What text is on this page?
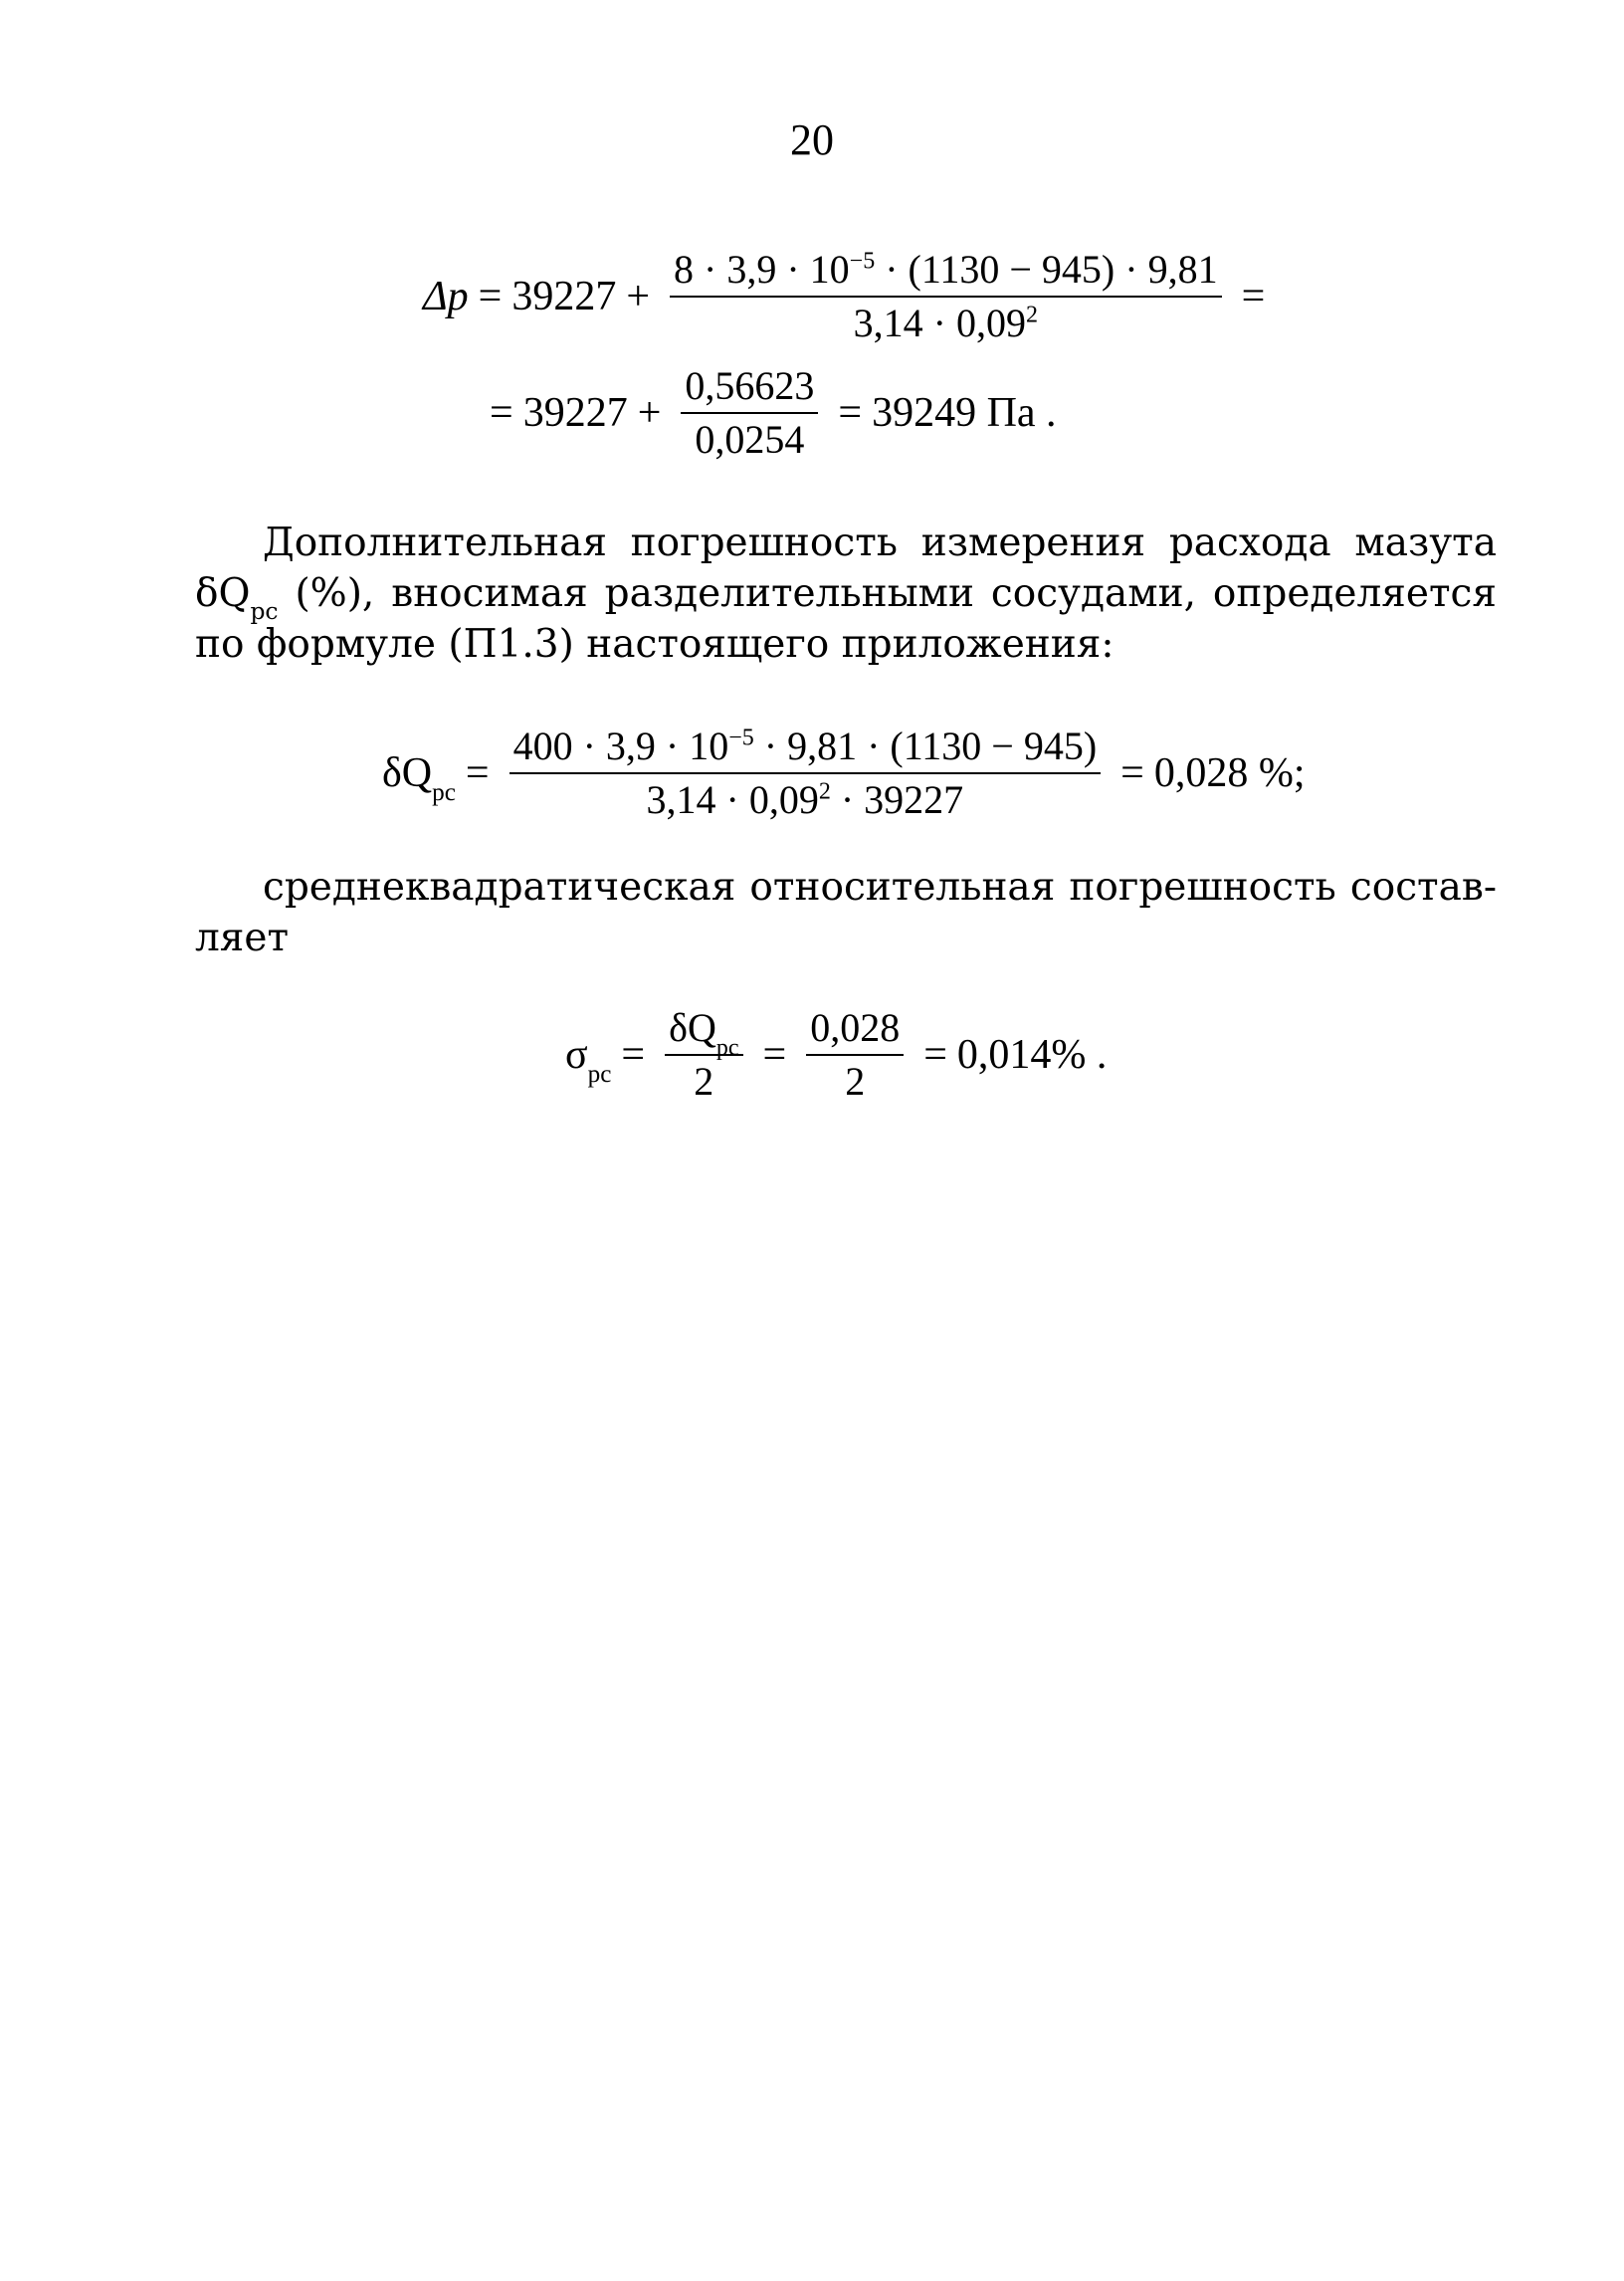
20
$\Delta p = 39227 + \frac{8 \cdot 3,9 \cdot 10^{-5} \cdot (1130 - 945) \cdot 9,81}{3,14 \cdot 0,09^2}$ =
= $39227 + \frac{0,56623}{0,0254} = 39249$ Па .
Дополнительная погрешность измерения расхода мазута
$\delta Q_{рс}$ (%), вносимая разделительными сосудами, определяется
по формуле (П1.3) настоящего приложения:
$\delta Q_{рс} = \frac{400 \cdot 3,9 \cdot 10^{-5} \cdot 9,81 \cdot (1130 - 945)}{3,14 \cdot 0,09^2 \cdot 39227} = 0,028$ %;
среднеквадратическая относительная погрешность состав-
ляет
$\sigma_{рс} = \frac{\delta Q_{рс}}{2} = \frac{0,028}{2} = 0,014\%$ .
